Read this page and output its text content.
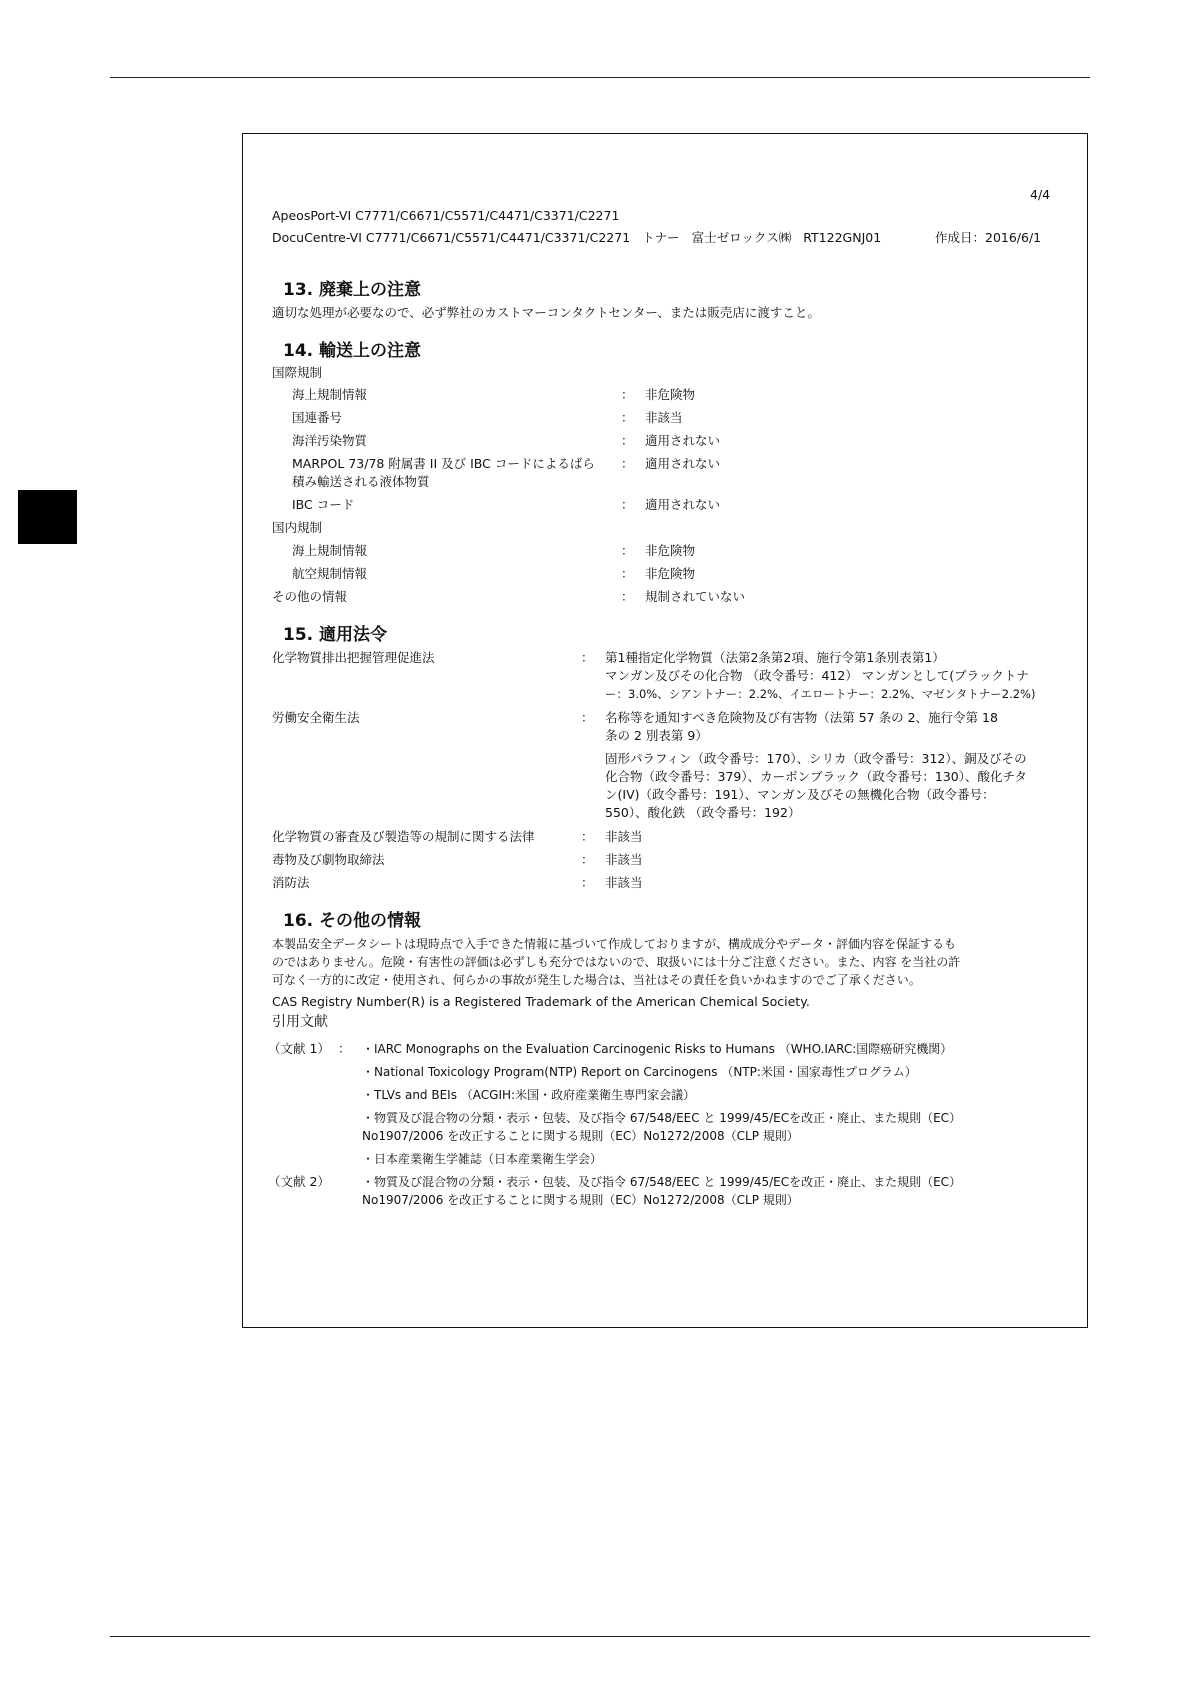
4/4
ApeosPort-VI C7771/C6671/C5571/C4471/C3371/C2271
DocuCentre-VI C7771/C6671/C5571/C4471/C3371/C2271 トナー 富士ゼロックス㈱ RT122GNJ01	作成日：2016/6/1
13. 廃棄上の注意
適切な処理が必要なので、必ず弊社のカストマーコンタクトセンター、または販売店に渡すこと。
14. 輸送上の注意
国際規制
海上規制情報	： 非危険物
国連番号	： 非該当
海洋汚染物質	： 適用されない
MARPOL 73/78 附属書 II 及び IBC コードによるばら
積み輸送される液体物質
： 適用されない
IBC コード	： 適用されない
国内規制
海上規制情報	： 非危険物
航空規制情報	： 非危険物
その他の情報	： 規制されていない
15. 適用法令
化学物質排出把握管理促進法	： 第1種指定化学物質（法第2条第2項、施行令第1条別表第1）
マンガン及びその化合物 （政令番号：412） マンガンとして(ブラックトナ
ー：3.0%、シアントナー：2.2%、イエロートナー：2.2%、マゼンタトナー2.2%)
労働安全衛生法	： 名称等を通知すべき危険物及び有害物（法第 57 条の 2、施行令第 18
条の 2 別表第 9）
固形パラフィン（政令番号：170）、シリカ（政令番号：312）、銅及びその
化合物（政令番号：379）、カーボンブラック（政令番号：130）、酸化チタ
ン(IV)（政令番号：191）、マンガン及びその無機化合物（政令番号：
550）、酸化鉄 （政令番号：192）
化学物質の審査及び製造等の規制に関する法律	： 非該当
毒物及び劇物取締法	： 非該当
消防法	： 非該当
16. その他の情報
本製品安全データシートは現時点で入手できた情報に基づいて作成しておりますが、構成成分やデータ・評価内容を保証するも
のではありません。危険・有害性の評価は必ずしも充分ではないので、取扱いには十分ご注意ください。また、内容 を当社の許
可なく一方的に改定・使用され、何らかの事故が発生した場合は、当社はその責任を負いかねますのでご了承ください。
CAS Registry Number(R) is a Registered Trademark of the American Chemical Society.
引用文献
（文献 1） ： ・IARC Monographs on the Evaluation Carcinogenic Risks to Humans （WHO.IARC:国際癌研究機関）
・National Toxicology Program(NTP) Report on Carcinogens （NTP:米国・国家毒性プログラム）
・TLVs and BEIs （ACGIH:米国・政府産業衛生専門家会議）
・物質及び混合物の分類・表示・包装、及び指令 67/548/EEC と 1999/45/ECを改正・廃止、また規則（EC）
No1907/2006 を改正することに関する規則（EC）No1272/2008（CLP 規則）
・日本産業衛生学雑誌（日本産業衛生学会）
（文献 2）	・物質及び混合物の分類・表示・包装、及び指令 67/548/EEC と 1999/45/ECを改正・廃止、また規則（EC）
No1907/2006 を改正することに関する規則（EC）No1272/2008（CLP 規則）
